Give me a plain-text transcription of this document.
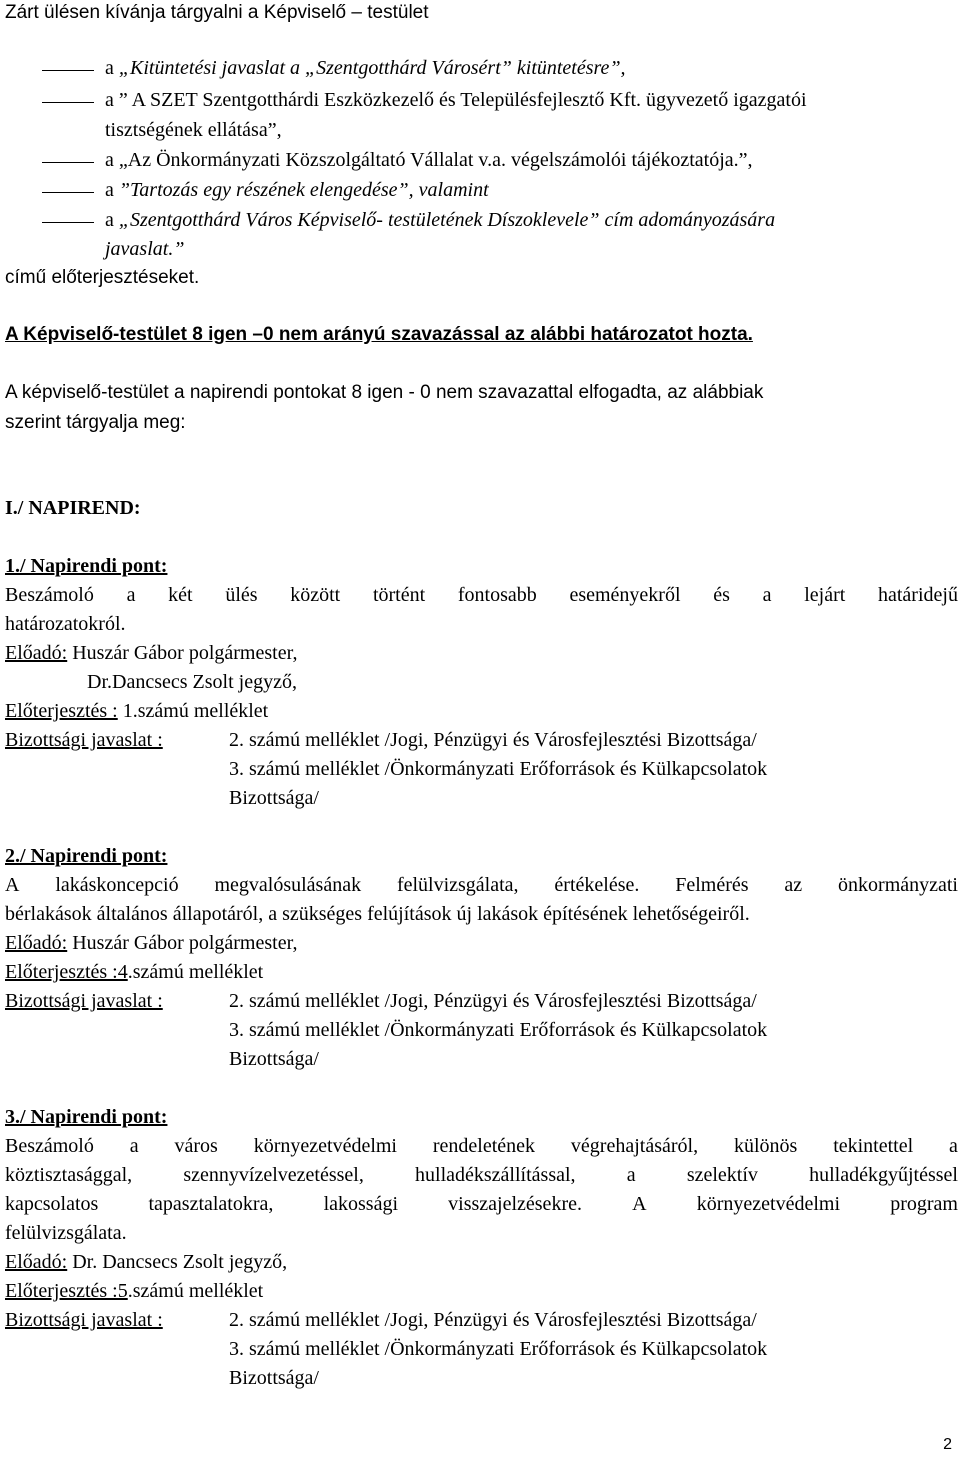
Zárt ülésen kívánja tárgyalni a Képviselő – testület
a „Kitüntetési javaslat a „Szentgotthárd Városért” kitüntetésre”,
a ” A SZET Szentgotthárdi Eszközkezelő és Településfejlesztő Kft. ügyvezető igazgatói
tisztségének ellátása”,
a „Az Önkormányzati Közszolgáltató Vállalat v.a. végelszámolói tájékoztatója.”,
a ”Tartozás egy részének elengedése”, valamint
a „Szentgotthárd Város Képviselő- testületének Díszoklevele” cím adományozására
javaslat.”
című előterjesztéseket.
A Képviselő-testület 8 igen –0 nem arányú szavazással az alábbi határozatot hozta.
A képviselő-testület a napirendi pontokat 8 igen - 0 nem szavazattal elfogadta, az alábbiak
szerint tárgyalja meg:
I./ NAPIREND:
1./ Napirendi pont:
Beszámoló a két ülés között történt fontosabb eseményekről és a lejárt határidejű
határozatokról.
Előadó: Huszár Gábor polgármester,
Dr.Dancsecs Zsolt jegyző,
Előterjesztés : 1.számú melléklet
Bizottsági javaslat :	2. számú melléklet /Jogi, Pénzügyi és Városfejlesztési Bizottsága/
3. számú melléklet /Önkormányzati Erőforrások és Külkapcsolatok
Bizottsága/
2./ Napirendi pont:
A lakáskoncepció megvalósulásának felülvizsgálata, értékelése. Felmérés az önkormányzati
bérlakások általános állapotáról, a szükséges felújítások új lakások építésének lehetőségeiről.
Előadó: Huszár Gábor polgármester,
Előterjesztés :4.számú melléklet
Bizottsági javaslat :	2. számú melléklet /Jogi, Pénzügyi és Városfejlesztési Bizottsága/
3. számú melléklet /Önkormányzati Erőforrások és Külkapcsolatok
Bizottsága/
3./ Napirendi pont:
Beszámoló a város környezetvédelmi rendeletének végrehajtásáról, különös tekintettel a
köztisztasággal,	szennyvízelvezetéssel,	hulladékszállítással,	a	szelektív	hulladékgyűjtéssel
kapcsolatos	tapasztalatokra,	lakossági	visszajelzésekre.	A	környezetvédelmi	program
felülvizsgálata.
Előadó: Dr. Dancsecs Zsolt jegyző,
Előterjesztés :5.számú melléklet
Bizottsági javaslat :	2. számú melléklet /Jogi, Pénzügyi és Városfejlesztési Bizottsága/
3. számú melléklet /Önkormányzati Erőforrások és Külkapcsolatok
Bizottsága/
2
